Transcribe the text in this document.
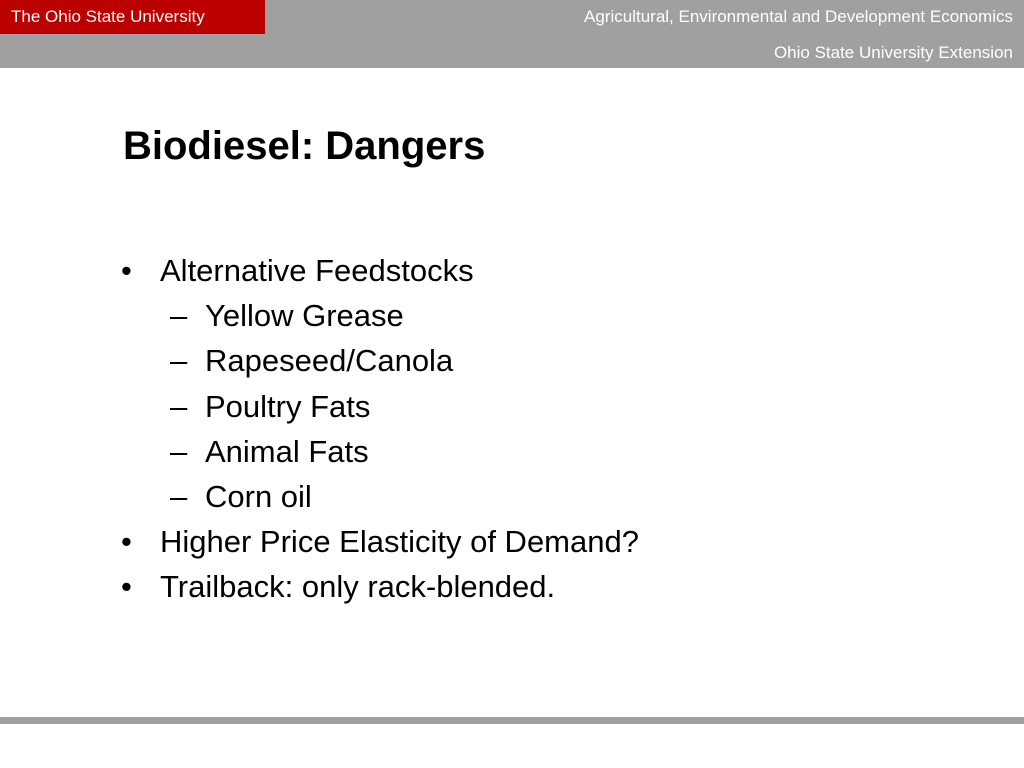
The Ohio State University	Agricultural, Environmental and Development Economics
Ohio State University Extension
Biodiesel: Dangers
• Alternative Feedstocks
– Yellow Grease
– Rapeseed/Canola
– Poultry Fats
– Animal Fats
– Corn oil
• Higher Price Elasticity of Demand?
• Trailback: only rack-blended.
